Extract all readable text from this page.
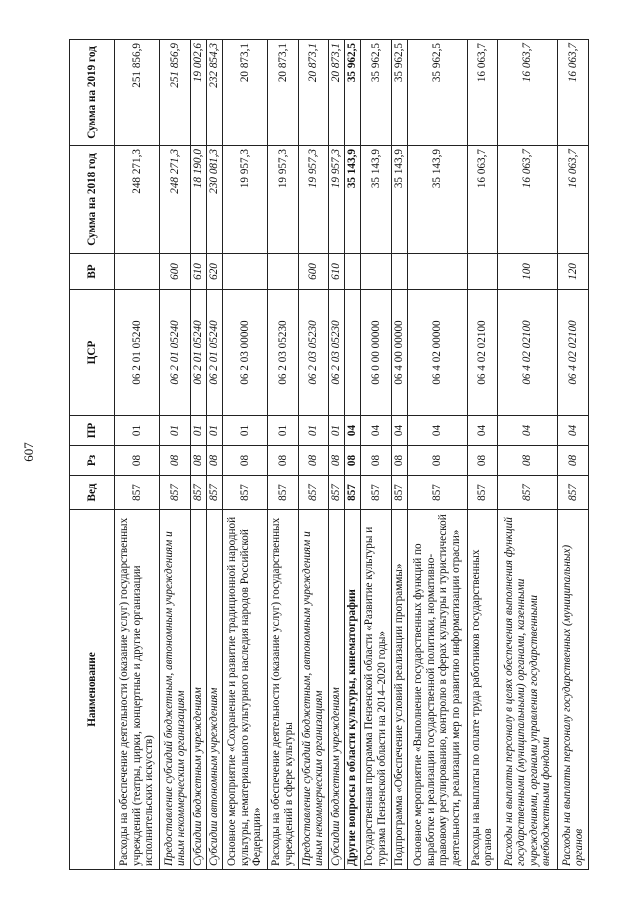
607
Наименование	Вед	Рз	ПР	ЦСР	ВР	Сумма на 2018 год	Сумма на 2019 год
Расходы на обеспечение деятельности (оказание услуг) государственных учреждений (театры, цирки, концертные и другие организации исполнительских искусств)	857	08	01	06 2 01 05240		248 271,3	251 856,9
Предоставление субсидий бюджетным, автономным учреждениям и иным некоммерческим организациям	857	08	01	06 2 01 05240	600	248 271,3	251 856,9
Субсидии бюджетным учреждениям	857	08	01	06 2 01 05240	610	18 190,0	19 002,6
Субсидии автономным учреждениям	857	08	01	06 2 01 05240	620	230 081,3	232 854,3
Основное мероприятие «Сохранение и развитие традиционной народной культуры, нематериального культурного наследия народов Российской Федерации»	857	08	01	06 2 03 00000		19 957,3	20 873,1
Расходы на обеспечение деятельности (оказание услуг) государственных учреждений в сфере культуры	857	08	01	06 2 03 05230		19 957,3	20 873,1
Предоставление субсидий бюджетным, автономным учреждениям и иным некоммерческим организациям	857	08	01	06 2 03 05230	600	19 957,3	20 873,1
Субсидии бюджетным учреждениям	857	08	01	06 2 03 05230	610	19 957,3	20 873,1
Другие вопросы в области культуры, кинематографии	857	08	04			35 143,9	35 962,5
Государственная программа Пензенской области «Развитие культуры и туризма Пензенской области на 2014–2020 годы»	857	08	04	06 0 00 00000		35 143,9	35 962,5
Подпрограмма «Обеспечение условий реализации программы»	857	08	04	06 4 00 00000		35 143,9	35 962,5
Основное мероприятие «Выполнение государственных функций по выработке и реализации государственной политики, нормативно-правовому регулированию, контролю в сферах культуры и туристической деятельности, реализации мер по развитию информатизации отрасли»	857	08	04	06 4 02 00000		35 143,9	35 962,5
Расходы на выплаты по оплате труда работников государственных органов	857	08	04	06 4 02 02100		16 063,7	16 063,7
Расходы на выплаты персоналу в целях обеспечения выполнения функций государственными (муниципальными) органами, казенными учреждениями, органами управления государственными внебюджетными фондами	857	08	04	06 4 02 02100	100	16 063,7	16 063,7
Расходы на выплаты персоналу государственных (муниципальных) органов	857	08	04	06 4 02 02100	120	16 063,7	16 063,7
